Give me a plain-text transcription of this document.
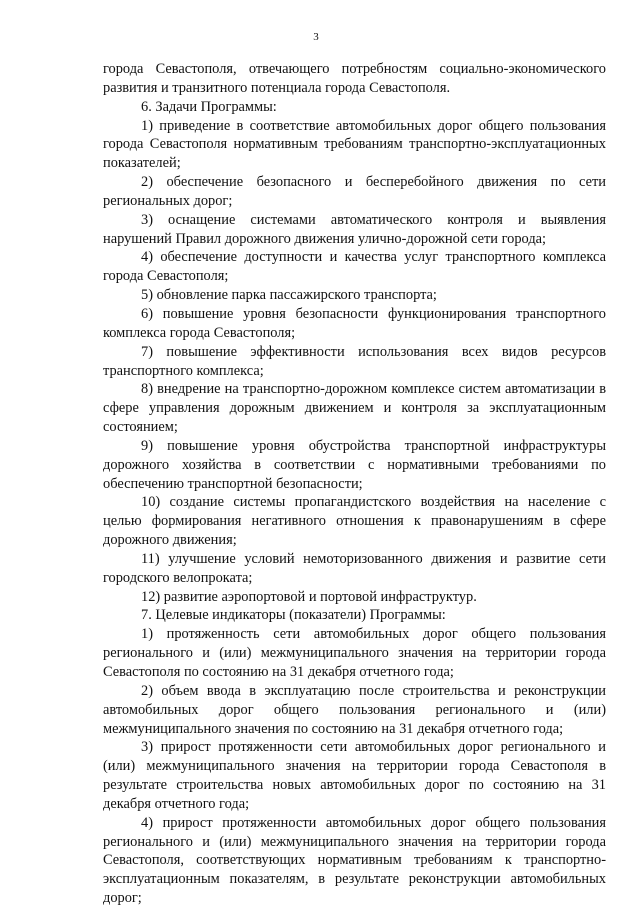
3

города Севастополя, отвечающего потребностям социально-экономического развития и транзитного потенциала города Севастополя.

6. Задачи Программы:

1) приведение в соответствие автомобильных дорог общего пользования города Севастополя нормативным требованиям транспортно-эксплуатационных показателей;

2) обеспечение безопасного и бесперебойного движения по сети региональных дорог;

3) оснащение системами автоматического контроля и выявления нарушений Правил дорожного движения улично-дорожной сети города;

4) обеспечение доступности и качества услуг транспортного комплекса города Севастополя;

5) обновление парка пассажирского транспорта;

6) повышение уровня безопасности функционирования транспортного комплекса города Севастополя;

7) повышение эффективности использования всех видов ресурсов транспортного комплекса;

8) внедрение на транспортно-дорожном комплексе систем автоматизации в сфере управления дорожным движением и контроля за эксплуатационным состоянием;

9) повышение уровня обустройства транспортной инфраструктуры дорожного хозяйства в соответствии с нормативными требованиями по обеспечению транспортной безопасности;

10) создание системы пропагандистского воздействия на население с целью формирования негативного отношения к правонарушениям в сфере дорожного движения;

11) улучшение условий немоторизованного движения и развитие сети городского велопроката;

12) развитие аэропортовой и портовой инфраструктур.

7. Целевые индикаторы (показатели) Программы:

1) протяженность сети автомобильных дорог общего пользования регионального и (или) межмуниципального значения на территории города Севастополя по состоянию на 31 декабря отчетного года;

2) объем ввода в эксплуатацию после строительства и реконструкции автомобильных дорог общего пользования регионального и (или) межмуниципального значения по состоянию на 31 декабря отчетного года;

3) прирост протяженности сети автомобильных дорог регионального и (или) межмуниципального значения на территории города Севастополя в результате строительства новых автомобильных дорог по состоянию на 31 декабря отчетного года;

4) прирост протяженности автомобильных дорог общего пользования регионального и (или) межмуниципального значения на территории города Севастополя, соответствующих нормативным требованиям к транспортно-эксплуатационным показателям, в результате реконструкции автомобильных дорог;
